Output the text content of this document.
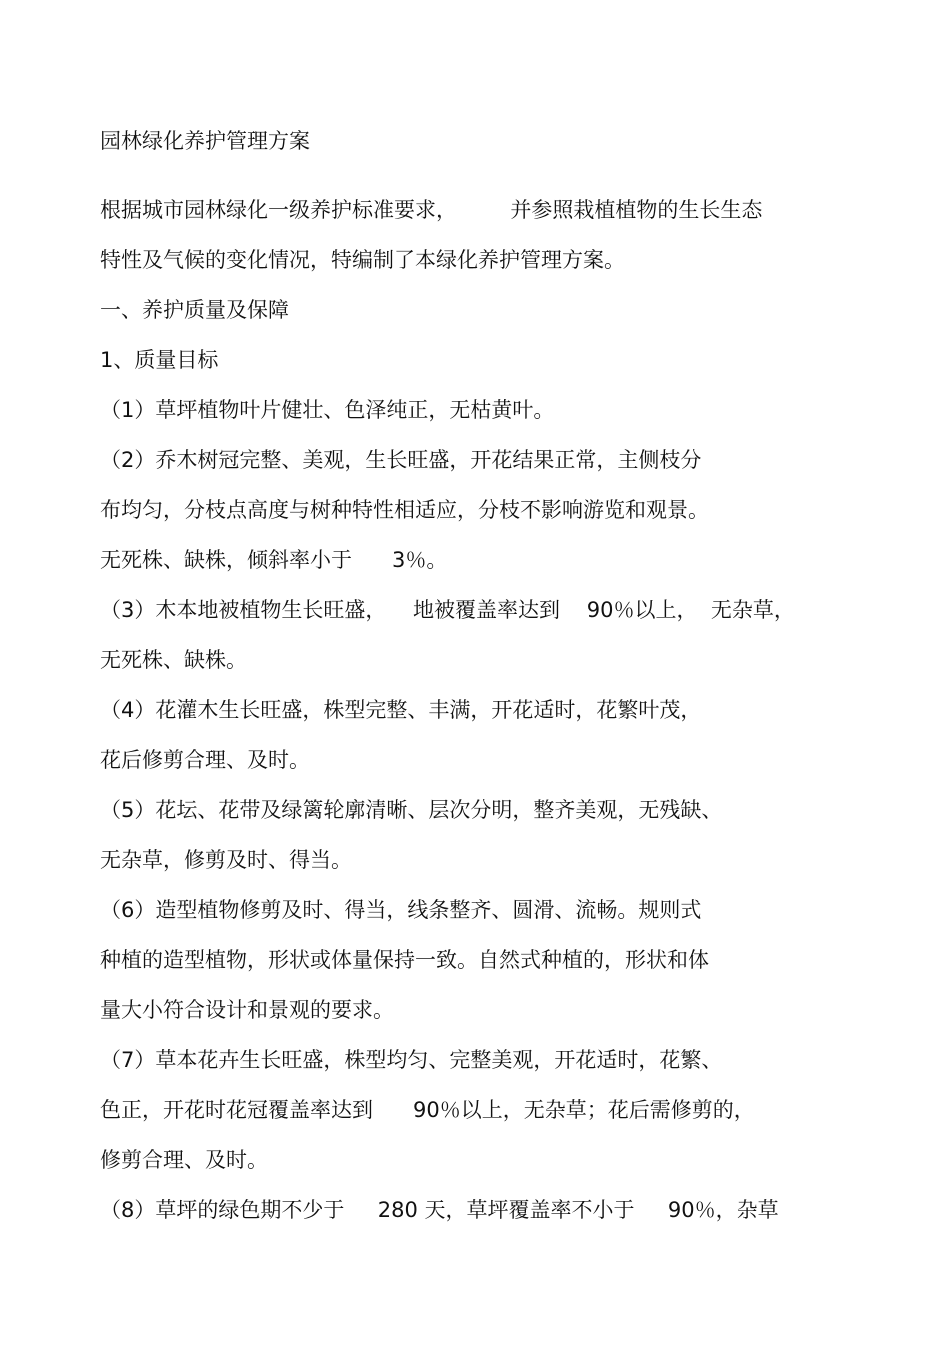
园林绿化养护管理方案
根据城市园林绿化一级养护标准要求，        并参照栽植植物的生长生态
特性及气候的变化情况，特编制了本绿化养护管理方案。
一、养护质量及保障
1、质量目标
（1）草坪植物叶片健壮、色泽纯正，无枯黄叶。
（2）乔木树冠完整、美观，生长旺盛，开花结果正常，主侧枝分
布均匀，分枝点高度与树种特性相适应，分枝不影响游览和观景。
无死株、缺株，倾斜率小于      3％。
（3）木本地被植物生长旺盛，    地被覆盖率达到    90％以上，  无杂草，
无死株、缺株。
（4）花灌木生长旺盛，株型完整、丰满，开花适时，花繁叶茂，
花后修剪合理、及时。
（5）花坛、花带及绿篱轮廓清晰、层次分明，整齐美观，无残缺、
无杂草，修剪及时、得当。
（6）造型植物修剪及时、得当，线条整齐、圆滑、流畅。规则式
种植的造型植物，形状或体量保持一致。自然式种植的，形状和体
量大小符合设计和景观的要求。
（7）草本花卉生长旺盛，株型均匀、完整美观，开花适时，花繁、
色正，开花时花冠覆盖率达到      90％以上，无杂草；花后需修剪的，
修剪合理、及时。
（8）草坪的绿色期不少于     280 天，草坪覆盖率不小于     90％，杂草
